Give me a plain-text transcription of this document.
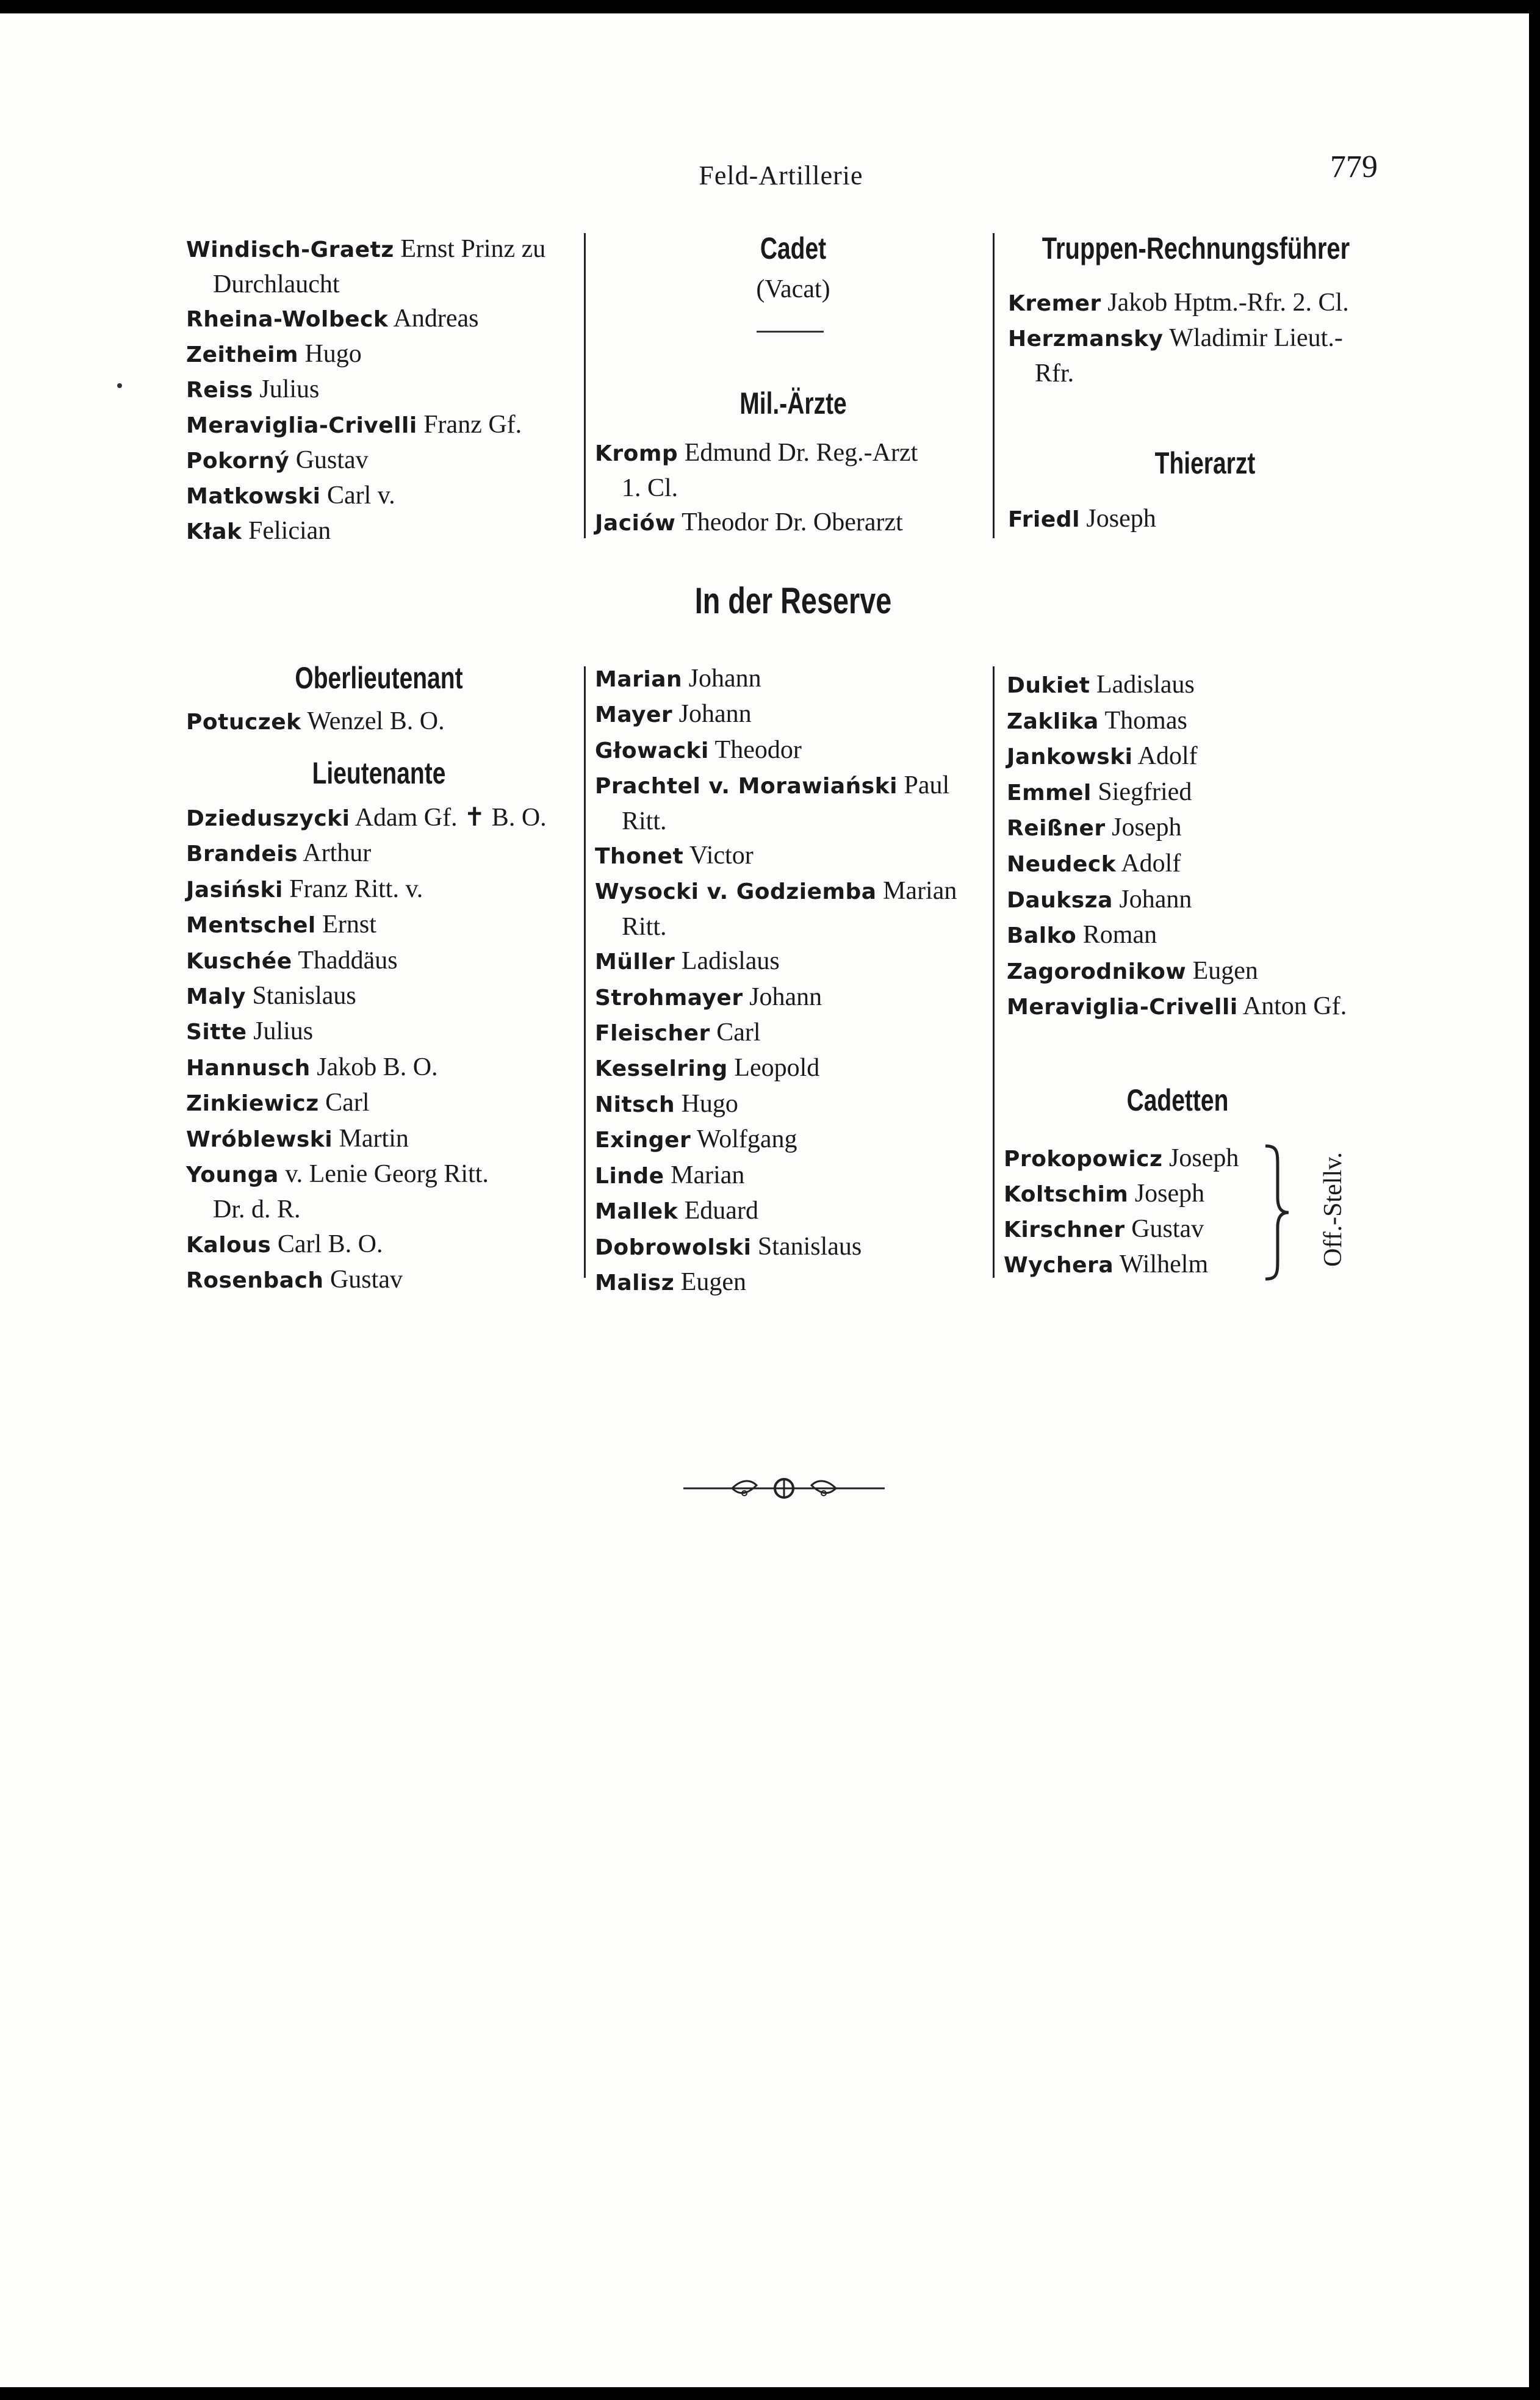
Feld-Artillerie	779
Windisch-Graetz Ernst Prinz zu
Durchlaucht
Rheina-Wolbeck Andreas
Zeitheim Hugo
Reiss Julius
Meraviglia-Crivelli Franz Gf.
Pokorný Gustav
Matkowski Carl v.
Kłak Felician
Cadet
(Vacat)
Mil.-Ärzte
Kromp Edmund Dr. Reg.-Arzt
1. Cl.
Jaciów Theodor Dr. Oberarzt
Truppen-Rechnungsführer
Kremer Jakob Hptm.-Rfr. 2. Cl.
Herzmansky Wladimir Lieut.-
Rfr.
Thierarzt
Friedl Joseph
In der Reserve
Oberlieutenant
Potuczek Wenzel B. O.
Lieutenante
Dzieduszycki Adam Gf. ✝ B. O.
Brandeis Arthur
Jasiński Franz Ritt. v.
Mentschel Ernst
Kuschée Thaddäus
Maly Stanislaus
Sitte Julius
Hannusch Jakob B. O.
Zinkiewicz Carl
Wróblewski Martin
Younga v. Lenie Georg Ritt.
Dr. d. R.
Kalous Carl B. O.
Rosenbach Gustav
Marian Johann
Mayer Johann
Głowacki Theodor
Prachtel v. Morawiański Paul
Ritt.
Thonet Victor
Wysocki v. Godziemba Marian
Ritt.
Müller Ladislaus
Strohmayer Johann
Fleischer Carl
Kesselring Leopold
Nitsch Hugo
Exinger Wolfgang
Linde Marian
Mallek Eduard
Dobrowolski Stanislaus
Malisz Eugen
Dukiet Ladislaus
Zaklika Thomas
Jankowski Adolf
Emmel Siegfried
Reißner Joseph
Neudeck Adolf
Dauksza Johann
Balko Roman
Zagorodnikow Eugen
Meraviglia-Crivelli Anton Gf.
Cadetten
Prokopowicz Joseph
Koltschim Joseph
Kirschner Gustav
Wychera Wilhelm	Off.-Stellv.
